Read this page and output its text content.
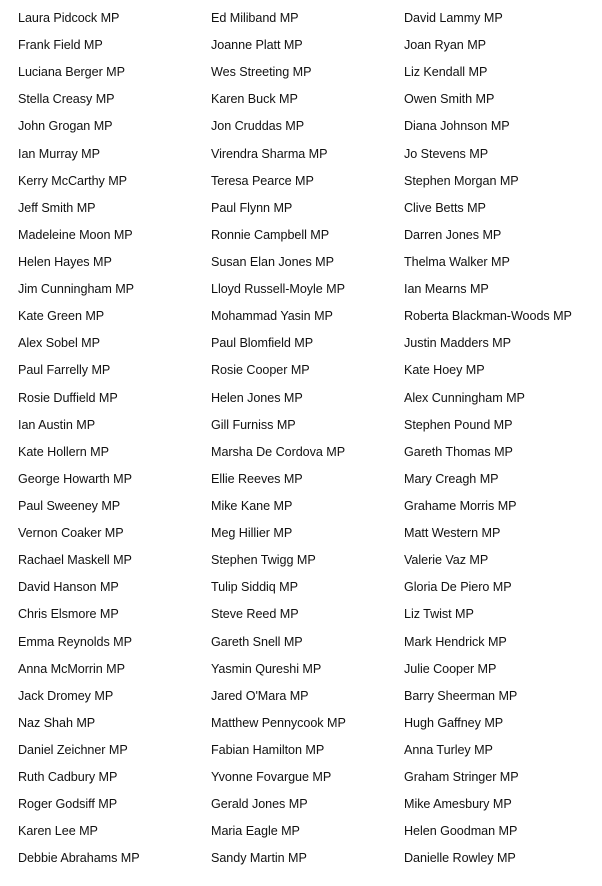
Laura Pidcock MP
Frank Field MP
Luciana Berger MP
Stella Creasy MP
John Grogan MP
Ian Murray MP
Kerry McCarthy MP
Jeff Smith MP
Madeleine Moon MP
Helen Hayes MP
Jim Cunningham MP
Kate Green MP
Alex Sobel MP
Paul Farrelly MP
Rosie Duffield MP
Ian Austin MP
Kate Hollern MP
George Howarth MP
Paul Sweeney MP
Vernon Coaker MP
Rachael Maskell MP
David Hanson MP
Chris Elsmore MP
Emma Reynolds MP
Anna McMorrin MP
Jack Dromey MP
Naz Shah MP
Daniel Zeichner MP
Ruth Cadbury MP
Roger Godsiff MP
Karen Lee MP
Debbie Abrahams MP
Ed Miliband MP
Joanne Platt MP
Wes Streeting MP
Karen Buck MP
Jon Cruddas MP
Virendra Sharma MP
Teresa Pearce MP
Paul Flynn MP
Ronnie Campbell MP
Susan Elan Jones MP
Lloyd Russell-Moyle MP
Mohammad Yasin MP
Paul Blomfield MP
Rosie Cooper MP
Helen Jones MP
Gill Furniss MP
Marsha De Cordova MP
Ellie Reeves MP
Mike Kane MP
Meg Hillier MP
Stephen Twigg MP
Tulip Siddiq MP
Steve Reed MP
Gareth Snell MP
Yasmin Qureshi MP
Jared O'Mara MP
Matthew Pennycook MP
Fabian Hamilton MP
Yvonne Fovargue MP
Gerald Jones MP
Maria Eagle MP
Sandy Martin MP
David Lammy MP
Joan Ryan MP
Liz Kendall MP
Owen Smith MP
Diana Johnson MP
Jo Stevens MP
Stephen Morgan MP
Clive Betts MP
Darren Jones MP
Thelma Walker MP
Ian Mearns MP
Roberta Blackman-Woods MP
Justin Madders MP
Kate Hoey MP
Alex Cunningham MP
Stephen Pound MP
Gareth Thomas MP
Mary Creagh MP
Grahame Morris MP
Matt Western MP
Valerie Vaz MP
Gloria De Piero MP
Liz Twist MP
Mark Hendrick MP
Julie Cooper MP
Barry Sheerman MP
Hugh Gaffney MP
Anna Turley MP
Graham Stringer MP
Mike Amesbury MP
Helen Goodman MP
Danielle Rowley MP
